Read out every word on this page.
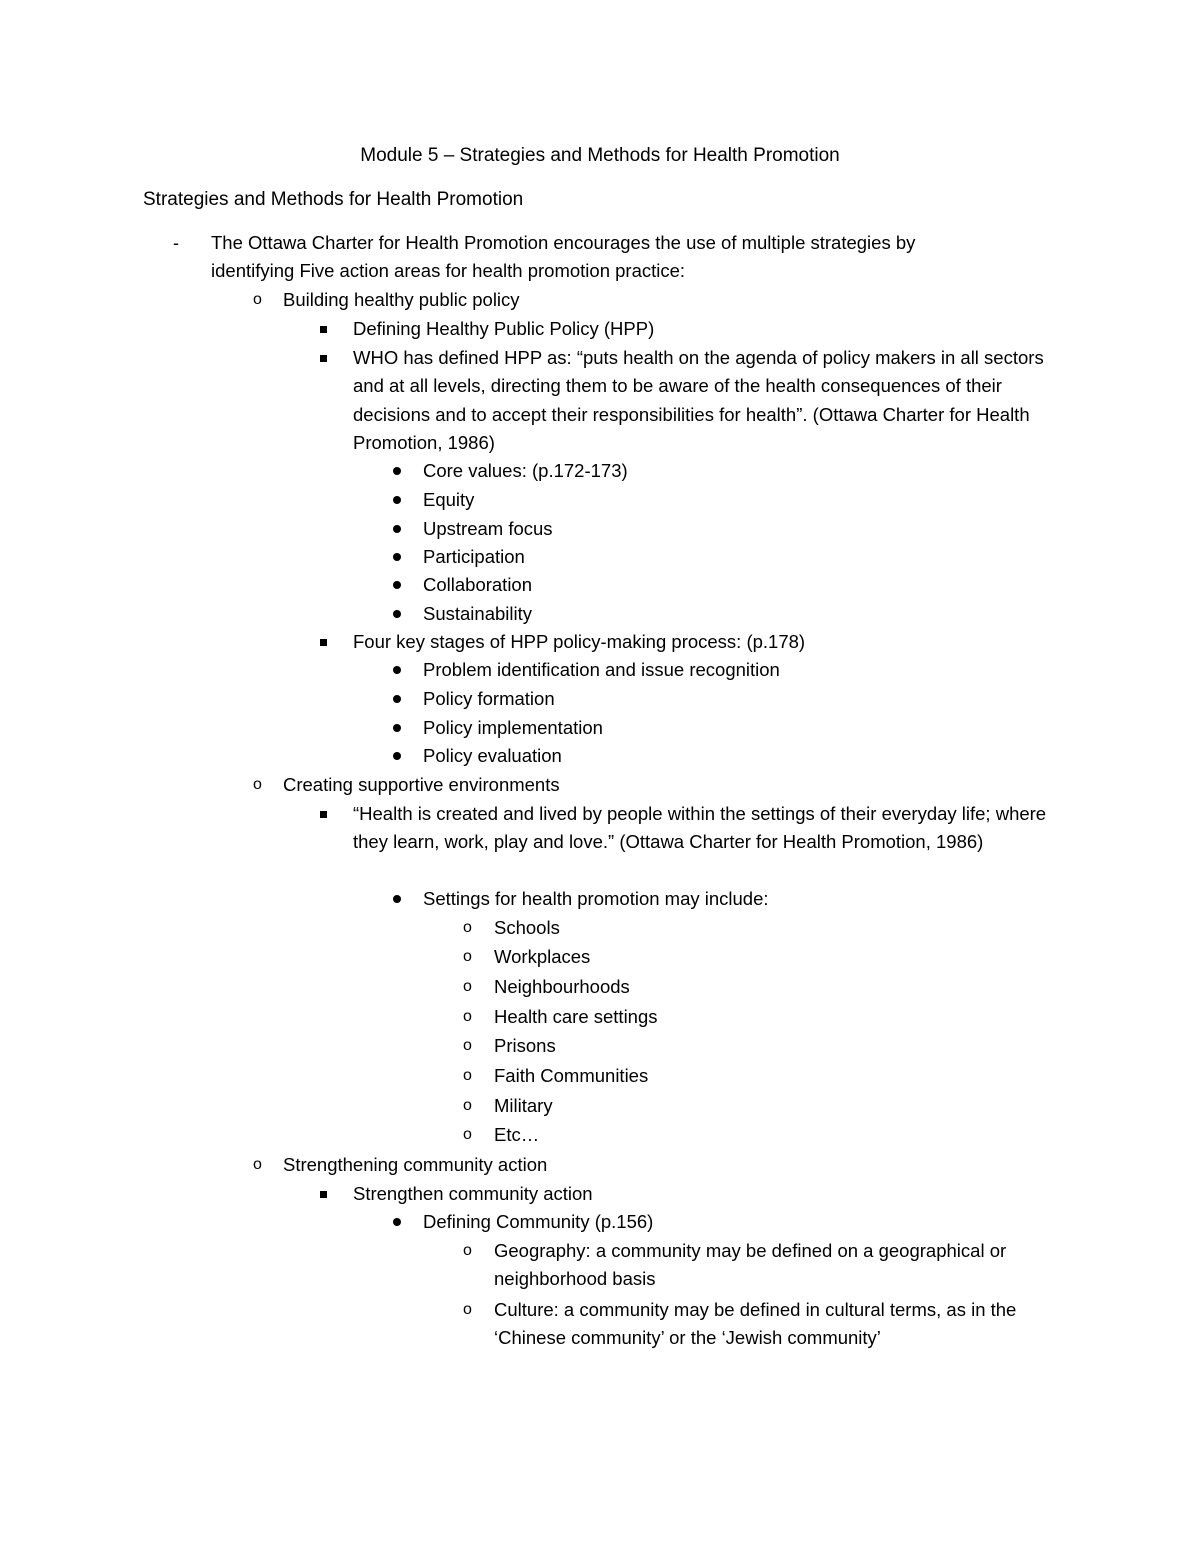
Module 5 – Strategies and Methods for Health Promotion
Strategies and Methods for Health Promotion
- The Ottawa Charter for Health Promotion encourages the use of multiple strategies by identifying Five action areas for health promotion practice:
o Building healthy public policy
Defining Healthy Public Policy (HPP)
WHO has defined HPP as: “puts health on the agenda of policy makers in all sectors and at all levels, directing them to be aware of the health consequences of their decisions and to accept their responsibilities for health”. (Ottawa Charter for Health Promotion, 1986)
Core values: (p.172-173)
Equity
Upstream focus
Participation
Collaboration
Sustainability
Four key stages of HPP policy-making process: (p.178)
Problem identification and issue recognition
Policy formation
Policy implementation
Policy evaluation
o Creating supportive environments
“Health is created and lived by people within the settings of their everyday life; where they learn, work, play and love.” (Ottawa Charter for Health Promotion, 1986)
Settings for health promotion may include:
o Schools
o Workplaces
o Neighbourhoods
o Health care settings
o Prisons
o Faith Communities
o Military
o Etc…
o Strengthening community action
Strengthen community action
Defining Community (p.156)
o Geography: a community may be defined on a geographical or neighborhood basis
o Culture: a community may be defined in cultural terms, as in the ‘Chinese community’ or the ‘Jewish community’
